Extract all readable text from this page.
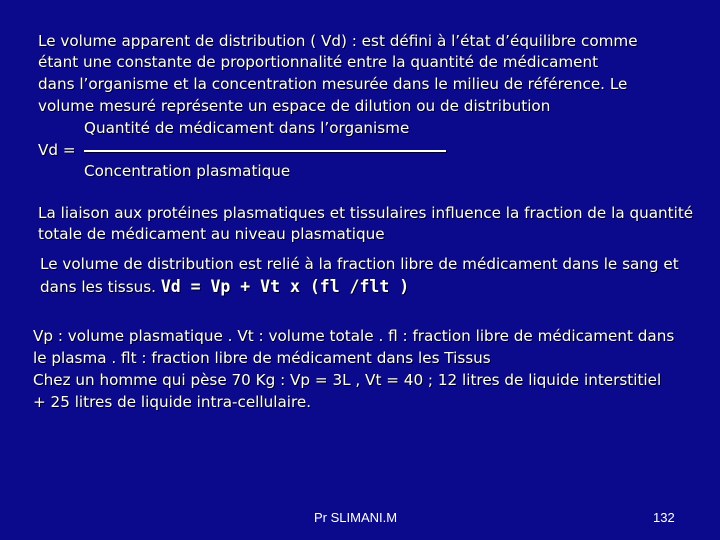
Le volume apparent de distribution ( Vd) : est défini à l’état d’équilibre comme
étant une constante de proportionnalité entre la quantité de médicament
dans l’organisme et la concentration mesurée dans le milieu de référence. Le
volume mesuré représente un espace de dilution ou de distribution
Quantité de médicament dans l’organisme
Vd =
Concentration plasmatique
La liaison aux protéines plasmatiques et tissulaires influence la fraction de la quantité
totale de médicament au niveau plasmatique
Le volume de distribution est relié à la fraction libre de médicament dans le sang et
dans les tissus. Vd = Vp + Vt x (fl /flt )
Vp : volume plasmatique . Vt : volume totale . fl : fraction libre de médicament dans
le plasma . flt : fraction libre de médicament dans les Tissus
Chez un homme qui pèse 70 Kg : Vp = 3L , Vt = 40 ; 12 litres de liquide interstitiel
+ 25 litres de liquide intra-cellulaire.
Pr SLIMANI.M	132
